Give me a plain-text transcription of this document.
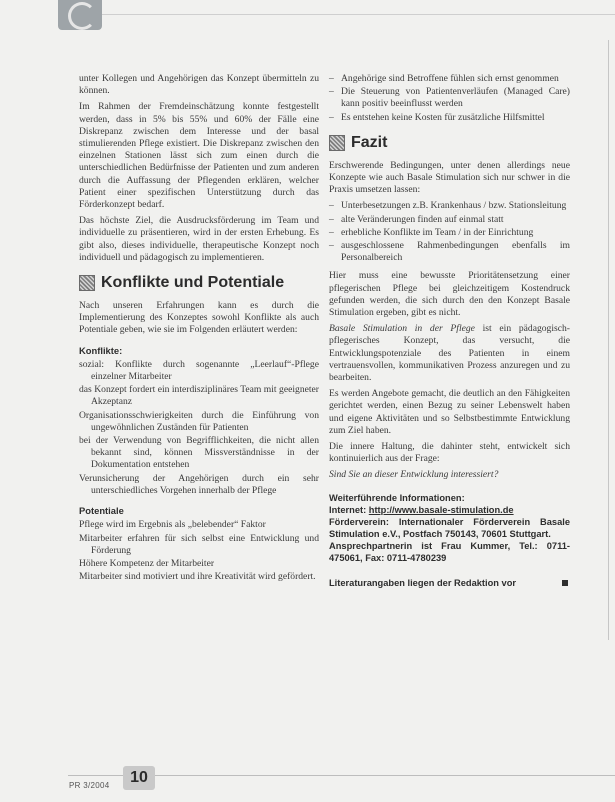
unter Kollegen und Angehörigen das Konzept übermitteln zu können.

Im Rahmen der Fremdeinschätzung konnte festgestellt werden, dass in 5% bis 55% und 60% der Fälle eine Diskrepanz zwischen dem Interesse und der basal stimulierenden Pflege existiert. Die Diskrepanz zwischen den einzelnen Stationen lässt sich zum einen durch die unterschiedlichen Bedürfnisse der Patienten und zum anderen durch die Auffassung der Pflegenden erklären, welcher Patient einer spezifischen Unterstützung durch das Förderkonzept bedarf.

Das höchste Ziel, die Ausdrucksförderung im Team und individuelle zu präsentieren, wird in der ersten Erhebung. Es gibt also, dieses individuelle, therapeutische Konzept noch individuell und pädagogisch zu implementieren.

Konflikte und Potentiale

Nach unseren Erfahrungen kann es durch die Implementierung des Konzeptes sowohl Konflikte als auch Potentiale geben, wie sie im Folgenden erläutert werden:

Konflikte:
sozial: Konflikte durch sogenannte „Leerlauf“-Pflege einzelner Mitarbeiter
das Konzept fordert ein interdisziplinäres Team mit geeigneter Akzeptanz
Organisationsschwierigkeiten durch die Einführung von ungewöhnlichen Zuständen für Patienten
bei der Verwendung von Begrifflichkeiten, die nicht allen bekannt sind, können Missverständnisse in der Dokumentation entstehen
Verunsicherung der Angehörigen durch ein sehr unterschiedliches Vorgehen innerhalb der Pflege
Potentiale
Pflege wird im Ergebnis als „belebender“ Faktor
Mitarbeiter erfahren für sich selbst eine Entwicklung und Förderung
Höhere Kompetenz der Mitarbeiter
Mitarbeiter sind motiviert und ihre Kreativität wird gefördert.
– Angehörige sind Betroffene fühlen sich ernst genommen
– Die Steuerung von Patientenverläufen (Managed Care) kann positiv beeinflusst werden
– Es entstehen keine Kosten für zusätzliche Hilfsmittel
Fazit

Erschwerende Bedingungen, unter denen allerdings neue Konzepte wie auch Basale Stimulation sich nur schwer in die Praxis umsetzen lassen:

– Unterbesetzungen z.B. Krankenhaus / bzw. Stationsleitung
– alte Veränderungen finden auf einmal statt
– erhebliche Konflikte im Team / in der Einrichtung
– ausgeschlossene Rahmenbedingungen ebenfalls im Personalbereich

Hier muss eine bewusste Prioritätensetzung einer pflegerischen Pflege bei gleichzeitigem Kostendruck gefunden werden, die sich durch den den Konzept Basale Stimulation ergeben, gibt es nicht.

Basale Stimulation in der Pflege ist ein pädagogisch-pflegerisches Konzept, das versucht, die Entwicklungspotenziale des Patienten in einem vertrauensvollen, kommunikativen Prozess anzuregen und zu bearbeiten.

Es werden Angebote gemacht, die deutlich an den Fähigkeiten gerichtet werden, einen Bezug zu seiner Lebenswelt haben und eigene Aktivitäten und so Selbstbestimmte Entwicklung zum Ziel haben.

Die innere Haltung, die dahinter steht, entwickelt sich kontinuierlich aus der Frage:

Sind Sie an dieser Entwicklung interessiert?

Weiterführende Informationen:
Internet: http://www.basale-stimulation.de
Förderverein: Internationaler Förderverein Basale Stimulation e.V., Postfach 750143, 70601 Stuttgart.
Ansprechpartnerin ist Frau Kummer, Tel.: 0711-475061, Fax: 0711-4780239
Literaturangaben liegen der Redaktion vor
PR 3/2004	10
